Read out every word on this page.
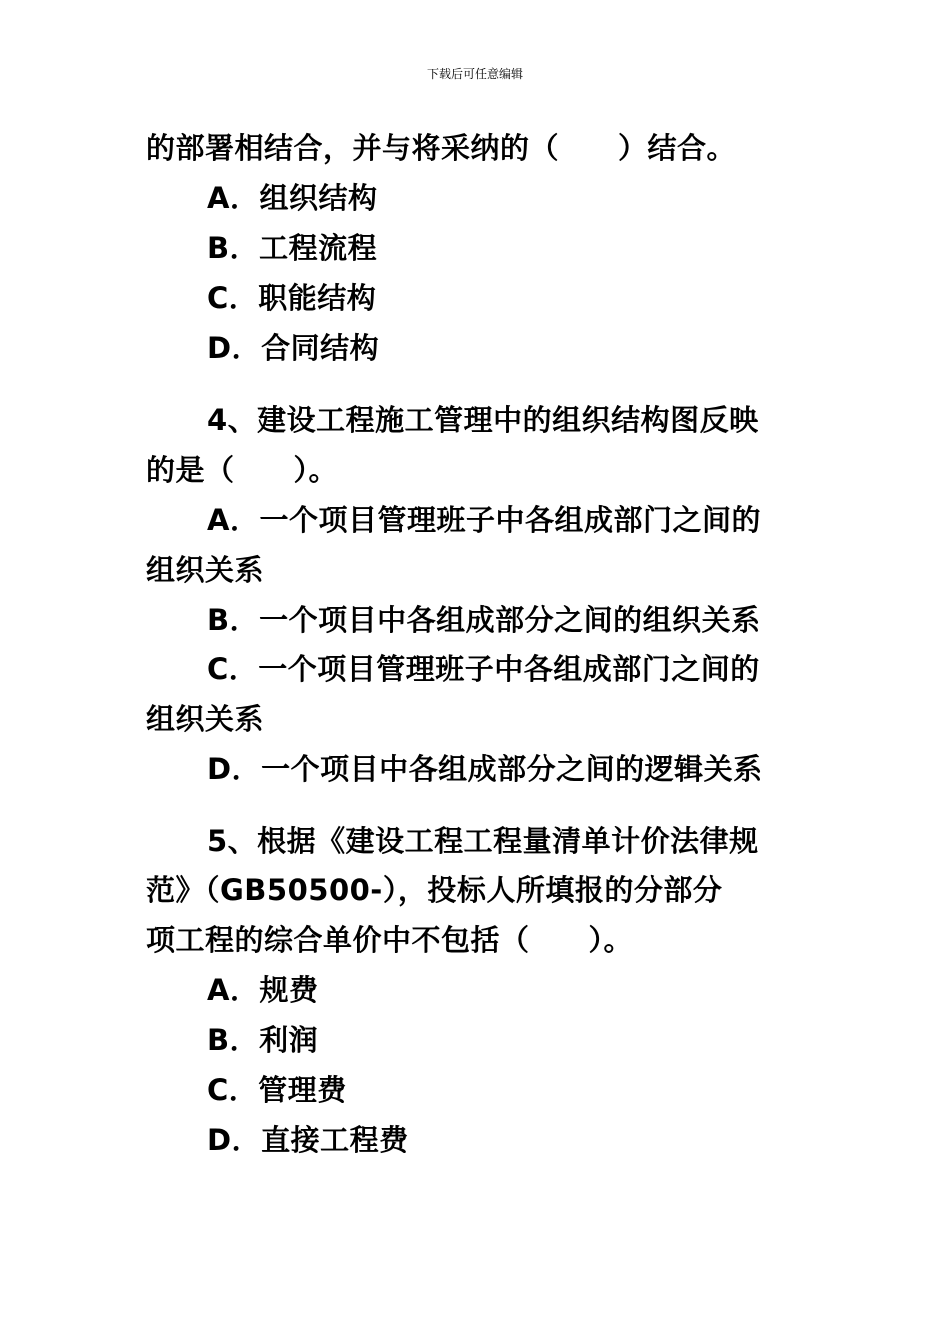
下载后可任意编辑
的部署相结合，并与将采纳的（　　）结合。
A．组织结构
B．工程流程
C．职能结构
D．合同结构
4、建设工程施工管理中的组织结构图反映
的是（　　）。
A．一个项目管理班子中各组成部门之间的
组织关系
B．一个项目中各组成部分之间的组织关系
C．一个项目管理班子中各组成部门之间的
组织关系
D．一个项目中各组成部分之间的逻辑关系
5、根据《建设工程工程量清单计价法律规
范》（GB50500-），投标人所填报的分部分
项工程的综合单价中不包括（　　）。
A．规费
B．利润
C．管理费
D．直接工程费
